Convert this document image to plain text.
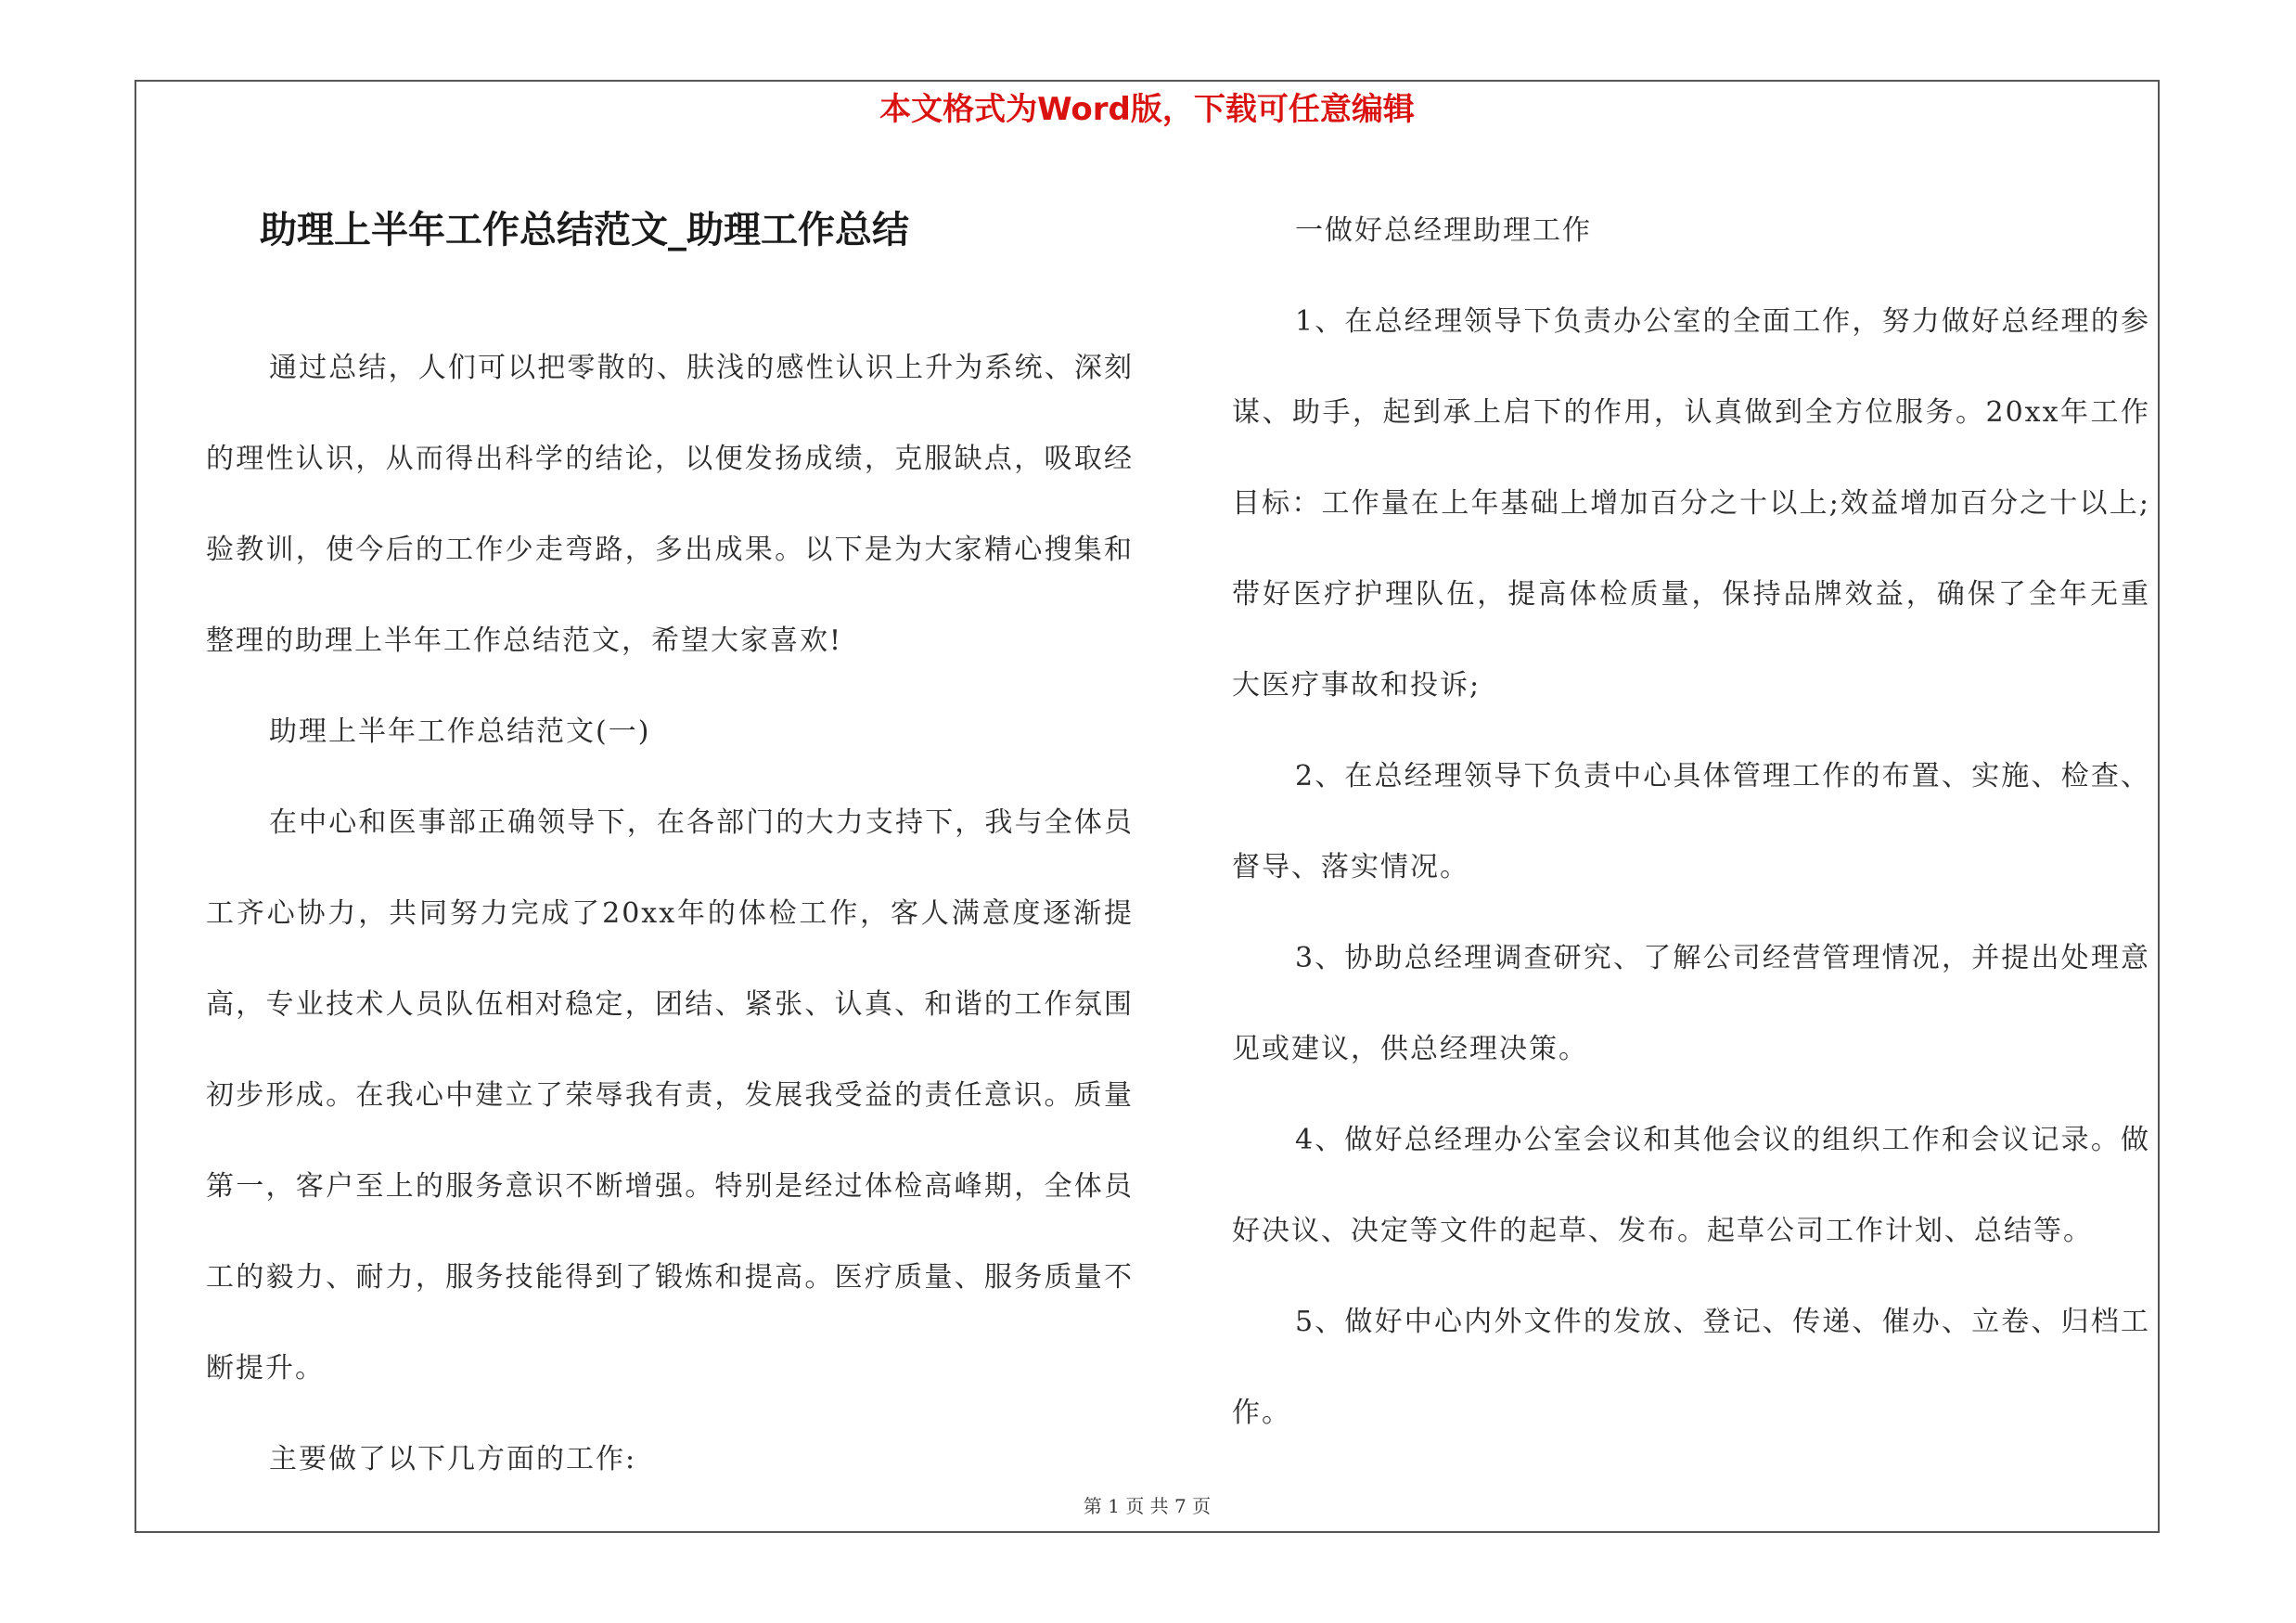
本文格式为Word版，下载可任意编辑
助理上半年工作总结范文_助理工作总结

通过总结，人们可以把零散的、肤浅的感性认识上升为系统、深刻的理性认识，从而得出科学的结论，以便发扬成绩，克服缺点，吸取经验教训，使今后的工作少走弯路，多出成果。以下是为大家精心搜集和整理的助理上半年工作总结范文，希望大家喜欢!

助理上半年工作总结范文(一)

在中心和医事部正确领导下，在各部门的大力支持下，我与全体员工齐心协力，共同努力完成了20xx年的体检工作，客人满意度逐渐提高，专业技术人员队伍相对稳定，团结、紧张、认真、和谐的工作氛围初步形成。在我心中建立了荣辱我有责，发展我受益的责任意识。质量第一，客户至上的服务意识不断增强。特别是经过体检高峰期，全体员工的毅力、耐力，服务技能得到了锻炼和提高。医疗质量、服务质量不断提升。

主要做了以下几方面的工作:

一做好总经理助理工作

1、在总经理领导下负责办公室的全面工作，努力做好总经理的参谋、助手，起到承上启下的作用，认真做到全方位服务。20xx年工作目标：工作量在上年基础上增加百分之十以上;效益增加百分之十以上;带好医疗护理队伍，提高体检质量，保持品牌效益，确保了全年无重大医疗事故和投诉;

2、在总经理领导下负责中心具体管理工作的布置、实施、检查、督导、落实情况。

3、协助总经理调查研究、了解公司经营管理情况，并提出处理意见或建议，供总经理决策。

4、做好总经理办公室会议和其他会议的组织工作和会议记录。做好决议、决定等文件的起草、发布。起草公司工作计划、总结等。

5、做好中心内外文件的发放、登记、传递、催办、立卷、归档工作。

第 1 页 共 7 页
